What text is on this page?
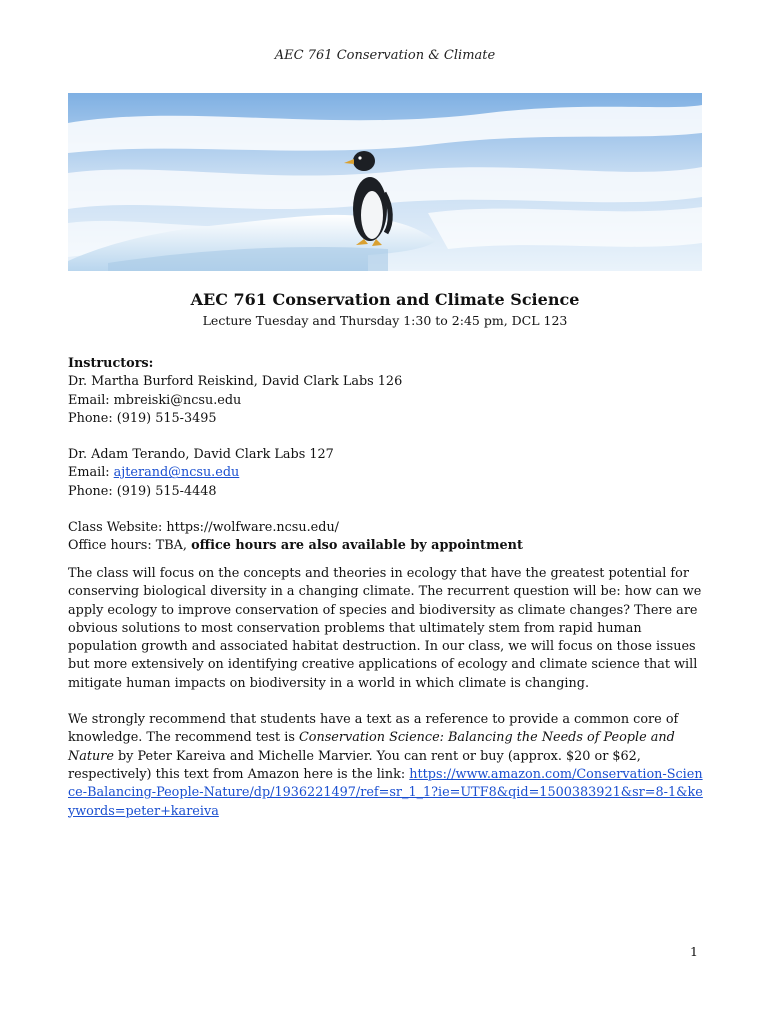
AEC 761 Conservation & Climate
AEC 761 Conservation and Climate Science
Lecture Tuesday and Thursday 1:30 to 2:45 pm, DCL 123

Instructors:

Dr. Martha Burford Reiskind, David Clark Labs 126

Email: mbreiski@ncsu.edu

Phone: (919) 515-3495

Dr. Adam Terando, David Clark Labs 127

Email: ajterand@ncsu.edu

Phone: (919) 515-4448

Class Website: https://wolfware.ncsu.edu/

Office hours: TBA, office hours are also available by appointment

The class will focus on the concepts and theories in ecology that have the greatest potential for conserving biological diversity in a changing climate. The recurrent question will be: how can we apply ecology to improve conservation of species and biodiversity as climate changes? There are obvious solutions to most conservation problems that ultimately stem from rapid human population growth and associated habitat destruction. In our class, we will focus on those issues but more extensively on identifying creative applications of ecology and climate science that will mitigate human impacts on biodiversity in a world in which climate is changing.

We strongly recommend that students have a text as a reference to provide a common core of knowledge. The recommend test is Conservation Science: Balancing the Needs of People and Nature by Peter Kareiva and Michelle Marvier. You can rent or buy (approx. $20 or $62, respectively) this text from Amazon here is the link: https://www.amazon.com/Conservation-Science-Balancing-People-Nature/dp/1936221497/ref=sr_1_1?ie=UTF8&qid=1500383921&sr=8-1&keywords=peter+kareiva

1
